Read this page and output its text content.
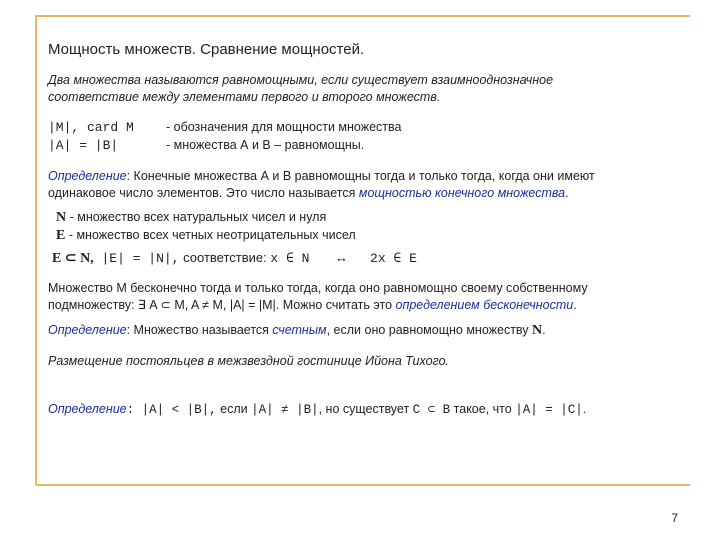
Мощность множеств. Сравнение мощностей.
Два множества называются равномощными, если существует взаимнооднозначное
соответствие между элементами первого и второго множеств.
|M|, card M	- обозначения для мощности множества
|A| = |B|	- множества А и В – равномощны.
Определение: Конечные множества А и В равномощны тогда и только тогда, когда они имеют
одинаковое число элементов. Это число называется мощностью конечного множества.
N - множество всех натуральных чисел и нуля
E - множество всех четных неотрицательных чисел
E ⊂ N, |E| = |N|, соответствие: x ∈ N ↔ 2x ∈ E
Множество М бесконечно тогда и только тогда, когда оно равномощно своему собственному
подмножеству: ∃ A ⊂ M, A ≠ M, |A| = |M|. Можно считать это определением бесконечности.
Определение: Множество называется счетным, если оно равномощно множеству N.
Размещение постояльцев в межзвездной гостинице Ийона Тихого.
Определение: |A| < |B|, если |A| ≠ |B|, но существует C ⊂ B такое, что |A| = |C|.
7
